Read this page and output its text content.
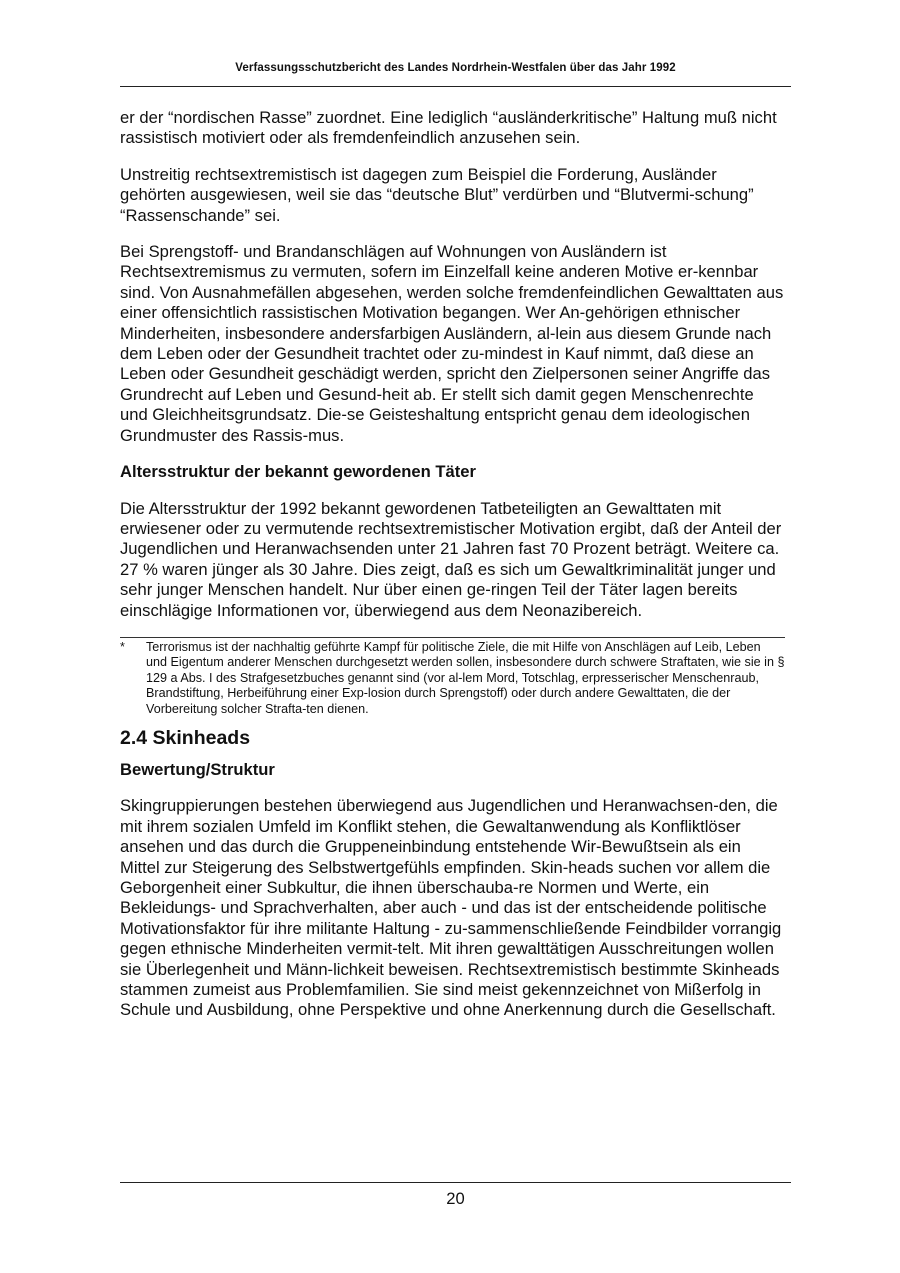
Verfassungsschutzbericht des Landes Nordrhein-Westfalen über das Jahr 1992

er der “nordischen Rasse” zuordnet. Eine lediglich “ausländerkritische” Haltung muß nicht rassistisch motiviert oder als fremdenfeindlich anzusehen sein.

Unstreitig rechtsextremistisch ist dagegen zum Beispiel die Forderung, Ausländer gehörten ausgewiesen, weil sie das “deutsche Blut” verdürben und “Blutvermi-schung” “Rassenschande” sei.

Bei Sprengstoff- und Brandanschlägen auf Wohnungen von Ausländern ist Rechtsextremismus zu vermuten, sofern im Einzelfall keine anderen Motive er-kennbar sind. Von Ausnahmefällen abgesehen, werden solche fremdenfeindlichen Gewalttaten aus einer offensichtlich rassistischen Motivation begangen. Wer An-gehörigen ethnischer Minderheiten, insbesondere andersfarbigen Ausländern, al-lein aus diesem Grunde nach dem Leben oder der Gesundheit trachtet oder zu-mindest in Kauf nimmt, daß diese an Leben oder Gesundheit geschädigt werden, spricht den Zielpersonen seiner Angriffe das Grundrecht auf Leben und Gesund-heit ab. Er stellt sich damit gegen Menschenrechte und Gleichheitsgrundsatz. Die-se Geisteshaltung entspricht genau dem ideologischen Grundmuster des Rassis-mus.

Altersstruktur der bekannt gewordenen Täter

Die Altersstruktur der 1992 bekannt gewordenen Tatbeteiligten an Gewalttaten mit erwiesener oder zu vermutende rechtsextremistischer Motivation ergibt, daß der Anteil der Jugendlichen und Heranwachsenden unter 21 Jahren fast 70 Prozent beträgt. Weitere ca. 27 % waren jünger als 30 Jahre. Dies zeigt, daß es sich um Gewaltkriminalität junger und sehr junger Menschen handelt. Nur über einen ge-ringen Teil der Täter lagen bereits einschlägige Informationen vor, überwiegend aus dem Neonazibereich.

*	Terrorismus ist der nachhaltig geführte Kampf für politische Ziele, die mit Hilfe von Anschlägen auf Leib, Leben und Eigentum anderer Menschen durchgesetzt werden sollen, insbesondere durch schwere Straftaten, wie sie in § 129 a Abs. I des Strafgesetzbuches genannt sind (vor al-lem Mord, Totschlag, erpresserischer Menschenraub, Brandstiftung, Herbeiführung einer Exp-losion durch Sprengstoff) oder durch andere Gewalttaten, die der Vorbereitung solcher Strafta-ten dienen.
2.4 Skinheads
Bewertung/Struktur

Skingruppierungen bestehen überwiegend aus Jugendlichen und Heranwachsen-den, die mit ihrem sozialen Umfeld im Konflikt stehen, die Gewaltanwendung als Konfliktlöser ansehen und das durch die Gruppeneinbindung entstehende Wir-Bewußtsein als ein Mittel zur Steigerung des Selbstwertgefühls empfinden. Skin-heads suchen vor allem die Geborgenheit einer Subkultur, die ihnen überschauba-re Normen und Werte, ein Bekleidungs- und Sprachverhalten, aber auch - und das ist der entscheidende politische Motivationsfaktor für ihre militante Haltung - zu-sammenschließende Feindbilder vorrangig gegen ethnische Minderheiten vermit-telt. Mit ihren gewalttätigen Ausschreitungen wollen sie Überlegenheit und Männ-lichkeit beweisen. Rechtsextremistisch bestimmte Skinheads stammen zumeist aus Problemfamilien. Sie sind meist gekennzeichnet von Mißerfolg in Schule und Ausbildung, ohne Perspektive und ohne Anerkennung durch die Gesellschaft.

20
